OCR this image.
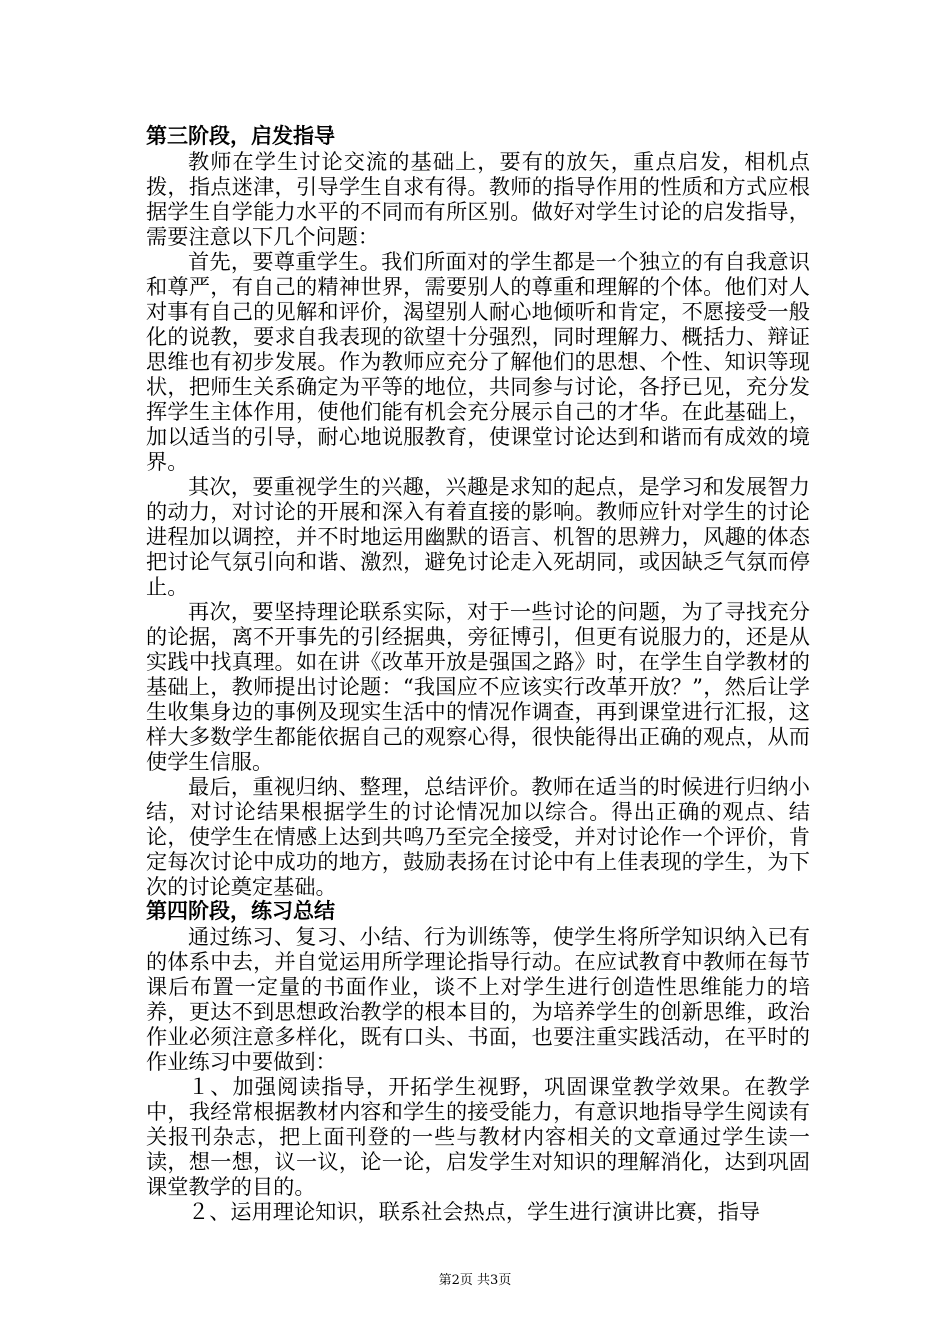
第三阶段，启发指导

教师在学生讨论交流的基础上，要有的放矢，重点启发，相机点拨，指点迷津，引导学生自求有得。教师的指导作用的性质和方式应根据学生自学能力水平的不同而有所区别。做好对学生讨论的启发指导，需要注意以下几个问题：

首先，要尊重学生。我们所面对的学生都是一个独立的有自我意识和尊严，有自己的精神世界，需要别人的尊重和理解的个体。他们对人对事有自己的见解和评价，渴望别人耐心地倾听和肯定，不愿接受一般化的说教，要求自我表现的欲望十分强烈，同时理解力、概括力、辩证思维也有初步发展。作为教师应充分了解他们的思想、个性、知识等现状，把师生关系确定为平等的地位，共同参与讨论，各抒已见，充分发挥学生主体作用，使他们能有机会充分展示自己的才华。在此基础上，加以适当的引导，耐心地说服教育，使课堂讨论达到和谐而有成效的境界。

其次，要重视学生的兴趣，兴趣是求知的起点，是学习和发展智力的动力，对讨论的开展和深入有着直接的影响。教师应针对学生的讨论进程加以调控，并不时地运用幽默的语言、机智的思辨力，风趣的体态把讨论气氛引向和谐、激烈，避免讨论走入死胡同，或因缺乏气氛而停止。

再次，要坚持理论联系实际，对于一些讨论的问题，为了寻找充分的论据，离不开事先的引经据典，旁征博引，但更有说服力的，还是从实践中找真理。如在讲《改革开放是强国之路》时，在学生自学教材的基础上，教师提出讨论题：“我国应不应该实行改革开放？”，然后让学生收集身边的事例及现实生活中的情况作调查，再到课堂进行汇报，这样大多数学生都能依据自己的观察心得，很快能得出正确的观点，从而使学生信服。

最后，重视归纳、整理，总结评价。教师在适当的时候进行归纳小结，对讨论结果根据学生的讨论情况加以综合。得出正确的观点、结论，使学生在情感上达到共鸣乃至完全接受，并对讨论作一个评价，肯定每次讨论中成功的地方，鼓励表扬在讨论中有上佳表现的学生，为下次的讨论奠定基础。

第四阶段，练习总结

通过练习、复习、小结、行为训练等，使学生将所学知识纳入已有的体系中去，并自觉运用所学理论指导行动。在应试教育中教师在每节课后布置一定量的书面作业，谈不上对学生进行创造性思维能力的培养，更达不到思想政治教学的根本目的，为培养学生的创新思维，政治作业必须注意多样化，既有口头、书面，也要注重实践活动，在平时的作业练习中要做到：

１、加强阅读指导，开拓学生视野，巩固课堂教学效果。在教学中，我经常根据教材内容和学生的接受能力，有意识地指导学生阅读有关报刊杂志，把上面刊登的一些与教材内容相关的文章通过学生读一读，想一想，议一议，论一论，启发学生对知识的理解消化，达到巩固课堂教学的目的。

２、运用理论知识，联系社会热点，学生进行演讲比赛，指导

第2页 共3页
